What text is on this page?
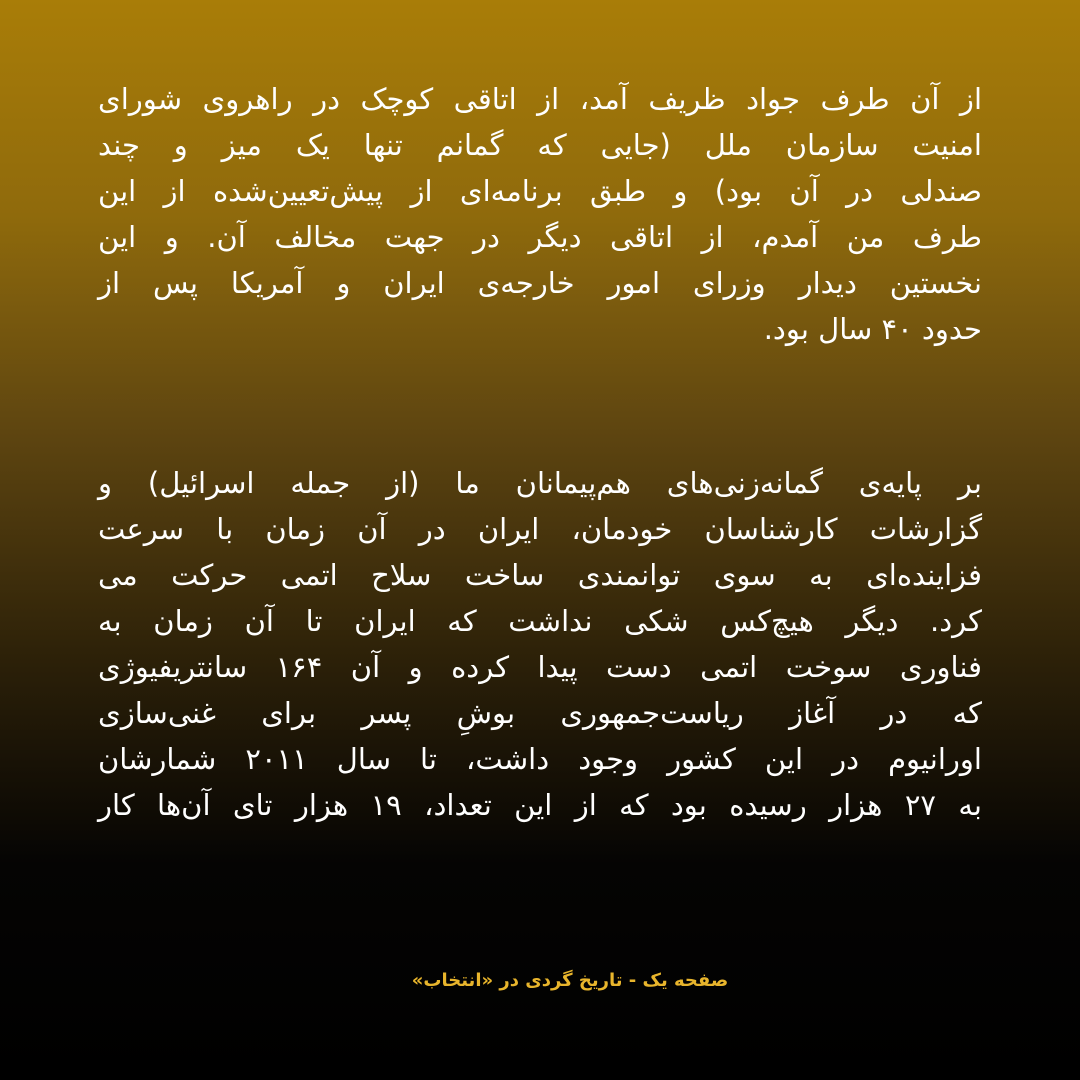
از آن طرف جواد ظریف آمد، از اتاقی کوچک در راهروی شورای
امنیت سازمان ملل (جایی که گمانم تنها یک میز و چند
صندلی در آن بود) و طبق برنامه‌ای از پیش‌تعیین‌شده از این
طرف من آمدم، از اتاقی دیگر در جهت مخالف آن. و این
نخستین دیدار وزرای امور خارجه‌ی ایران و آمریکا پس از
حدود ۴۰ سال بود.
بر پایه‌ی گمانه‌زنی‌های هم‌پیمانان ما (از جمله اسرائیل) و
گزارشات کارشناسان خودمان، ایران در آن زمان با سرعت
فزاینده‌ای به سوی توانمندی ساخت سلاح اتمی حرکت می
کرد. دیگر هیچ‌کس شکی نداشت که ایران تا آن زمان به
فناوری سوخت اتمی دست پیدا کرده و آن ۱۶۴ سانتریفیوژی
که در آغاز ریاست‌جمهوری بوشِ پسر برای غنی‌سازی
اورانیوم در این کشور وجود داشت، تا سال ۲۰۱۱ شمارشان
به ۲۷ هزار رسیده بود که از این تعداد، ۱۹ هزار تای آن‌ها کار
صفحه یک - تاریخ گردی در «انتخاب»
